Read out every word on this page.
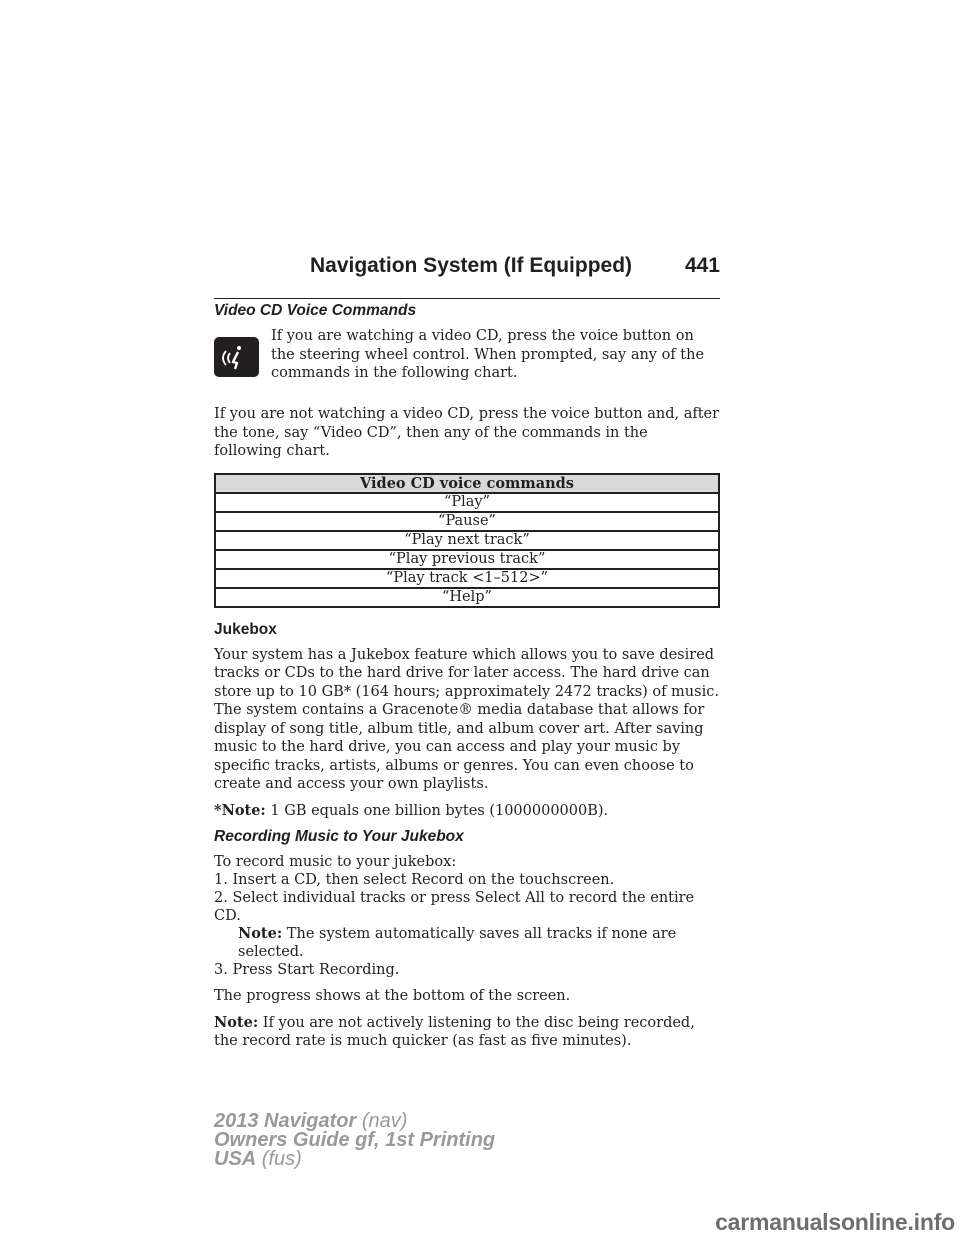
Navigation System (If Equipped)	441
Video CD Voice Commands

If you are watching a video CD, press the voice button on the steering wheel control. When prompted, say any of the commands in the following chart.

If you are not watching a video CD, press the voice button and, after the tone, say “Video CD”, then any of the commands in the following chart.

Video CD voice commands
“Play”
“Pause”
“Play next track”
“Play previous track”
“Play track <1–512>”
“Help”
Jukebox

Your system has a Jukebox feature which allows you to save desired tracks or CDs to the hard drive for later access. The hard drive can store up to 10 GB* (164 hours; approximately 2472 tracks) of music. The system contains a Gracenote® media database that allows for display of song title, album title, and album cover art. After saving music to the hard drive, you can access and play your music by specific tracks, artists, albums or genres. You can even choose to create and access your own playlists.

*Note: 1 GB equals one billion bytes (1000000000B).

Recording Music to Your Jukebox

To record music to your jukebox:

1. Insert a CD, then select Record on the touchscreen.

2. Select individual tracks or press Select All to record the entire CD.

Note: The system automatically saves all tracks if none are selected.

3. Press Start Recording.

The progress shows at the bottom of the screen.

Note: If you are not actively listening to the disc being recorded, the record rate is much quicker (as fast as five minutes).

2013 Navigator (nav)
Owners Guide gf, 1st Printing
USA (fus)
carmanualsonline.info
